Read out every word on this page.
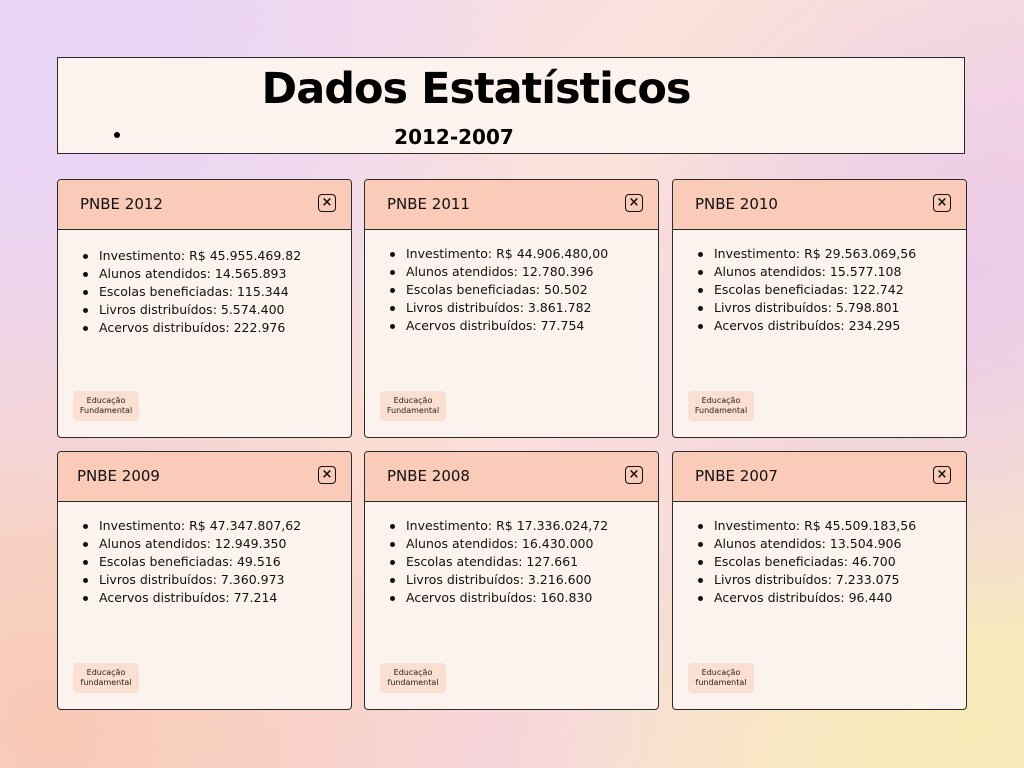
Dados Estatísticos
2012-2007
PNBE 2012	×
Investimento: R$ 45.955.469.82
Alunos atendidos: 14.565.893
Escolas beneficiadas: 115.344
Livros distribuídos: 5.574.400
Acervos distribuídos: 222.976
Educação
Fundamental
PNBE 2011	×
Investimento: R$ 44.906.480,00
Alunos atendidos: 12.780.396
Escolas beneficiadas: 50.502
Livros distribuídos: 3.861.782
Acervos distribuídos: 77.754
Educação
Fundamental
PNBE 2010	×
Investimento: R$ 29.563.069,56
Alunos atendidos: 15.577.108
Escolas beneficiadas: 122.742
Livros distribuídos: 5.798.801
Acervos distribuídos: 234.295
Educação
Fundamental
PNBE 2009	×
Investimento: R$ 47.347.807,62
Alunos atendidos: 12.949.350
Escolas beneficiadas: 49.516
Livros distribuídos: 7.360.973
Acervos distribuídos: 77.214
Educação
fundamental
PNBE 2008	×
Investimento: R$ 17.336.024,72
Alunos atendidos: 16.430.000
Escolas atendidas: 127.661
Livros distribuídos: 3.216.600
Acervos distribuídos: 160.830
Educação
fundamental
PNBE 2007	×
Investimento: R$ 45.509.183,56
Alunos atendidos: 13.504.906
Escolas beneficiadas: 46.700
Livros distribuídos: 7.233.075
Acervos distribuídos: 96.440
Educação
fundamental
